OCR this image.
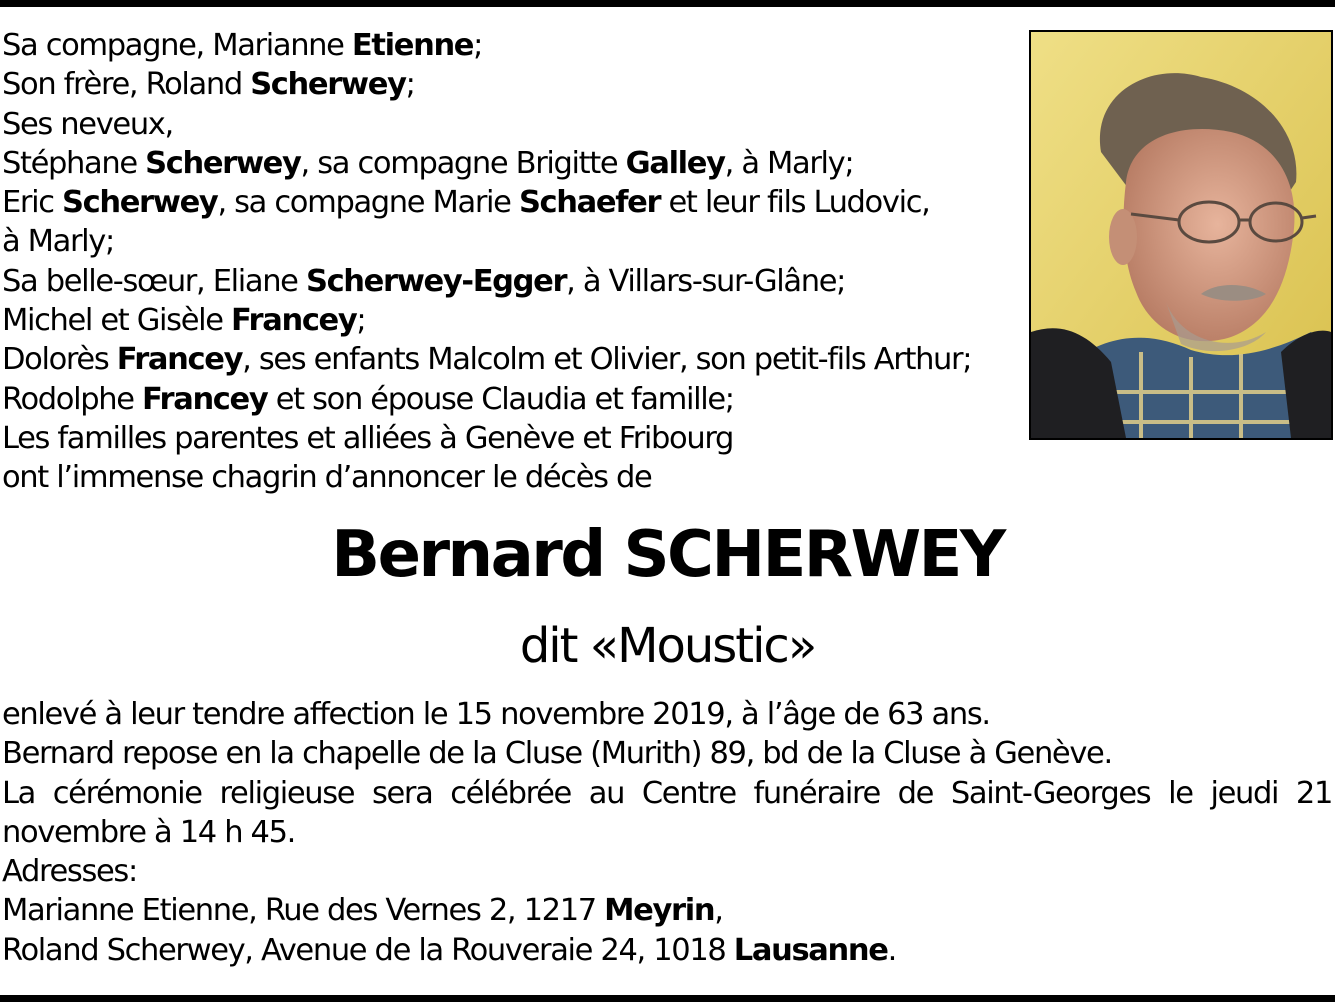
Sa compagne, Marianne Etienne;
Son frère, Roland Scherwey;
Ses neveux,
Stéphane Scherwey, sa compagne Brigitte Galley, à Marly;
Eric Scherwey, sa compagne Marie Schaefer et leur fils Ludovic,
à Marly;
Sa belle-sœur, Eliane Scherwey-Egger, à Villars-sur-Glâne;
Michel et Gisèle Francey;
Dolorès Francey, ses enfants Malcolm et Olivier, son petit-fils Arthur;
Rodolphe Francey et son épouse Claudia et famille;
Les familles parentes et alliées à Genève et Fribourg
ont l’immense chagrin d’annoncer le décès de
Bernard SCHERWEY
dit «Moustic»
enlevé à leur tendre affection le 15 novembre 2019, à l’âge de 63 ans.
Bernard repose en la chapelle de la Cluse (Murith) 89, bd de la Cluse à Genève.
La cérémonie religieuse sera célébrée au Centre funéraire de Saint-Georges le jeudi 21 novembre à 14 h 45.
Adresses:
Marianne Etienne, Rue des Vernes 2, 1217 Meyrin,
Roland Scherwey, Avenue de la Rouveraie 24, 1018 Lausanne.
